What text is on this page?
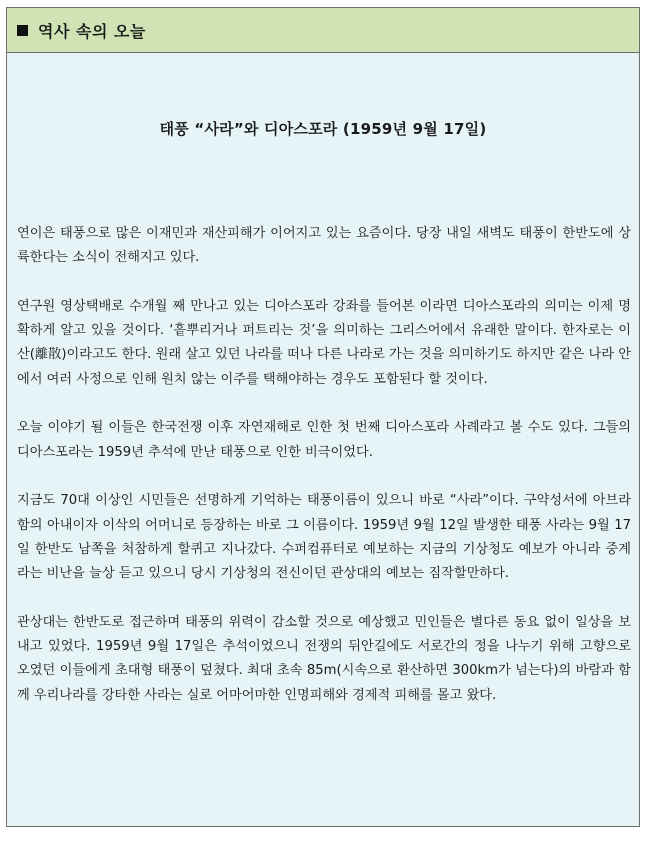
역사 속의 오늘
태풍 “사라”와 디아스포라 (1959년 9월 17일)

연이은 태풍으로 많은 이재민과 재산피해가 이어지고 있는 요즘이다. 당장 내일 새벽도 태풍이 한반도에 상륙한다는 소식이 전해지고 있다.

연구원 영상택배로 수개월 째 만나고 있는 디아스포라 강좌를 들어본 이라면 디아스포라의 의미는 이제 명확하게 알고 있을 것이다. ‘흩뿌리거나 퍼트리는 것’을 의미하는 그리스어에서 유래한 말이다. 한자로는 이산(離散)이라고도 한다. 원래 살고 있던 나라를 떠나 다른 나라로 가는 것을 의미하기도 하지만 같은 나라 안에서 여러 사정으로 인해 원치 않는 이주를 택해야하는 경우도 포함된다 할 것이다.

오늘 이야기 될 이들은 한국전쟁 이후 자연재해로 인한 첫 번째 디아스포라 사례라고 볼 수도 있다. 그들의 디아스포라는 1959년 추석에 만난 태풍으로 인한 비극이었다.

지금도 70대 이상인 시민들은 선명하게 기억하는 태풍이름이 있으니 바로 “사라”이다. 구약성서에 아브라함의 아내이자 이삭의 어머니로 등장하는 바로 그 이름이다. 1959년 9월 12일 발생한 태풍 사라는 9월 17일 한반도 남쪽을 처참하게 할퀴고 지나갔다. 수퍼컴퓨터로 예보하는 지금의 기상청도 예보가 아니라 중계라는 비난을 늘상 듣고 있으니 당시 기상청의 전신이던 관상대의 예보는 짐작할만하다.

관상대는 한반도로 접근하며 태풍의 위력이 감소할 것으로 예상했고 민인들은 별다른 동요 없이 일상을 보내고 있었다. 1959년 9월 17일은 추석이었으니 전쟁의 뒤안길에도 서로간의 정을 나누기 위해 고향으로 오였던 이들에게 초대형 태풍이 덮쳤다. 최대 초속 85m(시속으로 환산하면 300km가 넘는다)의 바람과 함께 우리나라를 강타한 사라는 실로 어마어마한 인명피해와 경제적 피해를 몰고 왔다.
